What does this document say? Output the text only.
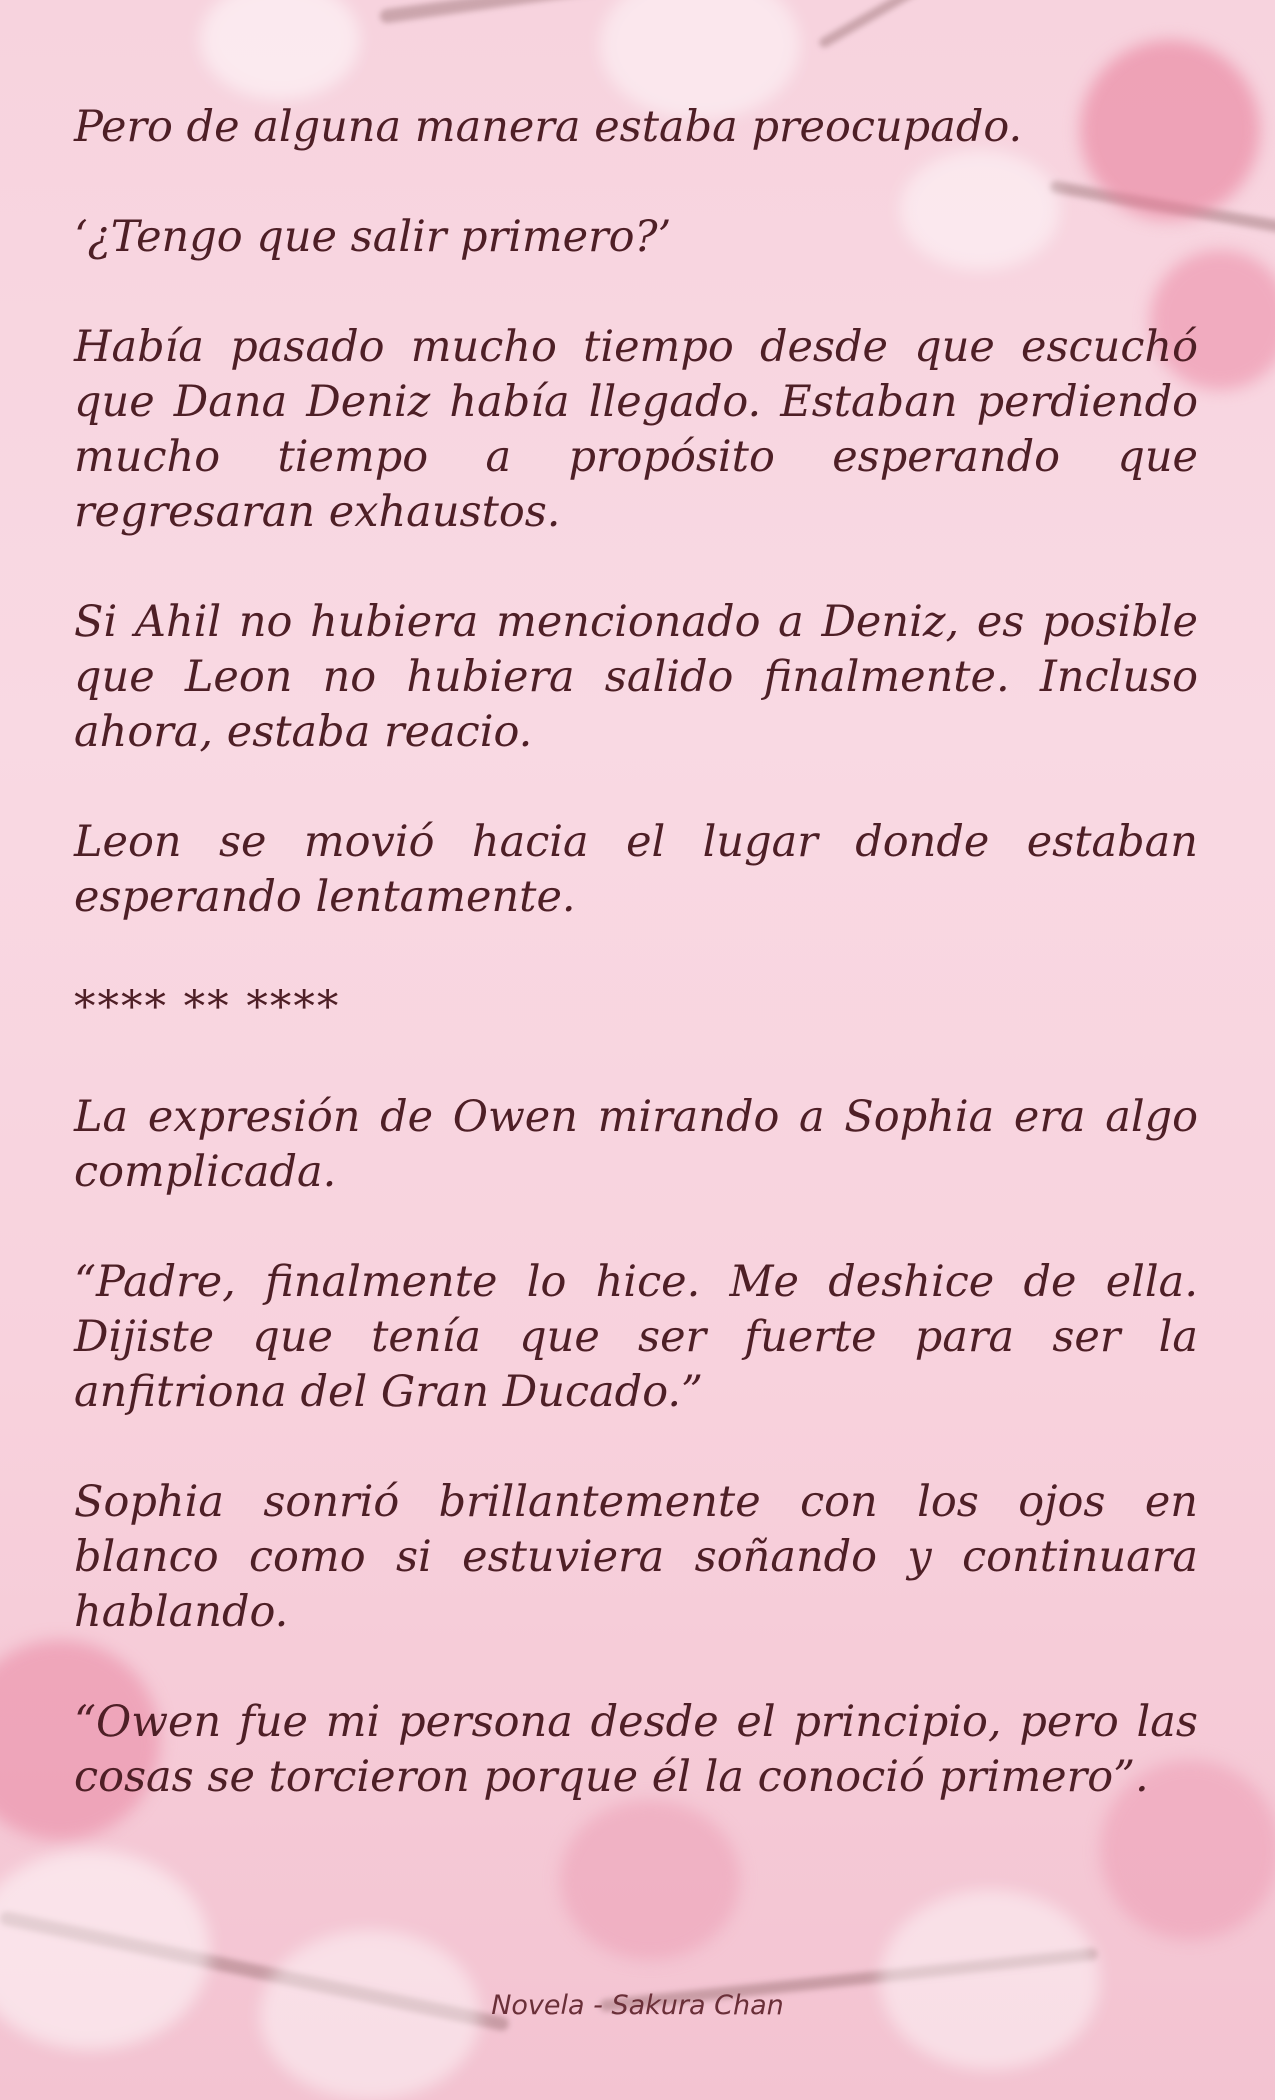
Pero de alguna manera estaba preocupado.

‘¿Tengo que salir primero?’

Había pasado mucho tiempo desde que escuchó que Dana Deniz había llegado. Estaban perdiendo mucho tiempo a propósito esperando que regresaran exhaustos.

Si Ahil no hubiera mencionado a Deniz, es posible que Leon no hubiera salido finalmente. Incluso ahora, estaba reacio.

Leon se movió hacia el lugar donde estaban esperando lentamente.

**** ** ****

La expresión de Owen mirando a Sophia era algo complicada.

“Padre, finalmente lo hice. Me deshice de ella. Dijiste que tenía que ser fuerte para ser la anfitriona del Gran Ducado.”

Sophia sonrió brillantemente con los ojos en blanco como si estuviera soñando y continuara hablando.

“Owen fue mi persona desde el principio, pero las cosas se torcieron porque él la conoció primero”.

Novela - Sakura Chan
